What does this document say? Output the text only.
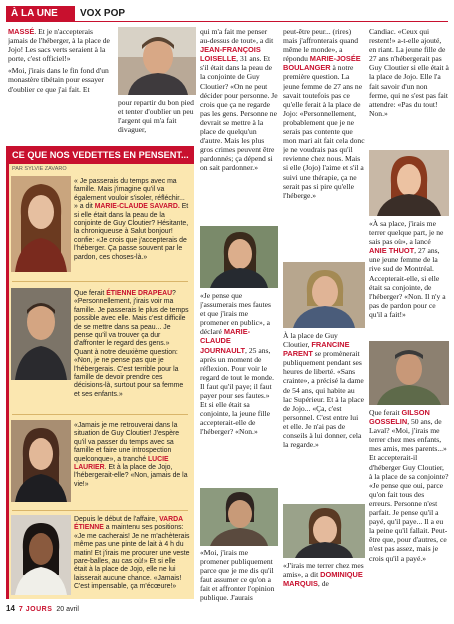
À LA UNE	VOX POP

MASSÉ. Et je n'accepterais jamais de l'héberger, à la place de Jojo! Les sacs verts seraient à la porte, c'est officiel!»

«Moi, j'irais dans le fin fond d'un monastère tibétain pour essayer d'oublier ce que j'ai fait. Et

pour repartir du bon pied et tenter d'oublier un peu l'argent qui m'a fait divaguer,

CE QUE NOS VEDETTES EN PENSENT...
PAR SYLVIE ZAVARO
« Je passerais du temps avec ma famille. Mais j'imagine qu'il va également vouloir s'isoler, réfléchir... » a dit MARIE-CLAUDE SAVARD. Et si elle était dans la peau de la conjointe de Guy Cloutier? Hésitante, la chroniqueuse à Salut bonjour! confie: «Je crois que j'accepterais de l'héberger. Ça passe souvent par le pardon, ces choses-là.»
Que ferait ÉTIENNE DRAPEAU? «Personnellement, j'irais voir ma famille. Je passerais le plus de temps possible avec elle. Mais c'est difficile de se mettre dans sa peau... Je pense qu'il va trouver ça dur d'affronter le regard des gens.» Quant à notre deuxième question: «Non, je ne pense pas que je l'hébergerais. C'est terrible pour la famille de devoir prendre ces décisions-là, surtout pour sa femme et ses enfants.»
«Jamais je me retrouverai dans la situation de Guy Cloutier! J'espère qu'il va passer du temps avec sa famille et faire une introspection quelconque», a tranché LUCIE LAURIER. Et à la place de Jojo, l'hébergerait-elle? «Non, jamais de la vie!»
Depuis le début de l'affaire, VARDA ÉTIENNE a maintenu ses positions: «Je me cacherais! Je ne m'achèterais même pas une pinte de lait à 4 h du matin! Et j'irais me procurer une veste pare-balles, au cas où!» Et si elle était à la place de Jojo, elle ne lui laisserait aucune chance. «Jamais! C'est impensable, ça m'écœure!»

qui m'a fait me penser au-dessus de tout», a dit JEAN-FRANÇOIS LOISELLE, 31 ans. Et s'il était dans la peau de la conjointe de Guy Cloutier? «On ne peut décider pour personne. Je crois que ça ne regarde pas les gens. Personne ne devrait se mettre à la place de quelqu'un d'autre. Mais les plus gros crimes peuvent être pardonnés; ça dépend si on sait pardonner.»

«Je pense que j'assumerais mes fautes et que j'irais me promener en public», a déclaré MARIE-CLAUDE JOURNAULT, 25 ans, après un moment de réflexion. Pour voir le regard de tout le monde. Il faut qu'il paye; il faut payer pour ses fautes.» Et si elle était sa conjointe, la jeune fille accepterait-elle de l'héberger? «Non.»

«Moi, j'irais me promener publiquement parce que je me dis qu'il faut assumer ce qu'on a fait et affronter l'opinion publique. J'aurais

peut-être peur... (rires) mais j'affronterais quand même le monde», a répondu MARIE-JOSÉE BOULANGER à notre première question. La jeune femme de 27 ans ne savait toutefois pas ce qu'elle ferait à la place de Jojo: «Personnellement, probablement que je ne serais pas contente que mon mari ait fait cela donc je ne voudrais pas qu'il revienne chez nous. Mais si elle (Jojo) l'aime et s'il a suivi une thérapie, ça ne serait pas si pire qu'elle l'héberge.»

À la place de Guy Cloutier, FRANCINE PARENT se promènerait publiquement pendant ses heures de liberté. «Sans crainte», a précisé la dame de 54 ans, qui habite au lac Supérieur. Et à la place de Jojo... «Ça, c'est personnel. C'est entre lui et elle. Je n'ai pas de conseils à lui donner, cela la regarde.»

«J'irais me terrer chez mes amis», a dit DOMINIQUE MARQUIS, de

Candiac. «Ceux qui restent!» a-t-elle ajouté, en riant. La jeune fille de 27 ans n'hébergerait pas Guy Cloutier si elle était à la place de Jojo. Elle l'a fait savoir d'un non ferme, qui ne s'est pas fait attendre: «Pas du tout! Non.»

«À sa place, j'irais me terrer quelque part, je ne sais pas où», a lancé ANIE THUOT, 27 ans, une jeune femme de la rive sud de Montréal. Accepterait-elle, si elle était sa conjointe, de l'héberger? «Non. Il n'y a pas de pardon pour ce qu'il a fait!»

Que ferait GILSON GOSSELIN, 50 ans, de Laval? «Moi, j'irais me terrer chez mes enfants, mes amis, mes parents...» Et accepterait-il d'héberger Guy Cloutier, à la place de sa conjointe? «Je pense que oui, parce qu'on fait tous des erreurs. Personne n'est parfait. Je pense qu'il a payé, qu'il paye... Il a eu la peine qu'il fallait. Peut-être que, pour d'autres, ce n'est pas assez, mais je crois qu'il a payé.»

14 7 JOURS 20 avril
